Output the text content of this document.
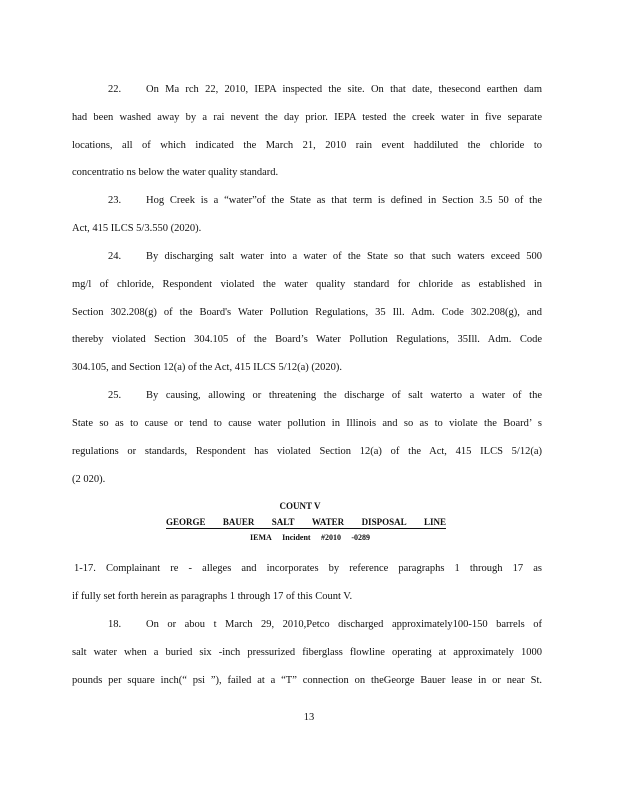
22. On Ma rch 22, 2010, IEPA inspected the site. On that date, thesecond earthen dam
had been washed away by a rai nevent the day prior. IEPA tested the creek water in five separate
locations, all of which indicated the March 21, 2010 rain event haddiluted the chloride to
concentratio ns below the water quality standard.
23. Hog Creek is a “water”of the State as that term is defined in Section 3.5 50 of the
Act, 415 ILCS 5/3.550 (2020).
24. By discharging salt water into a water of the State so that such waters exceed 500
mg/l of chloride, Respondent violated the water quality standard for chloride as established in
Section 302.208(g) of the Board's Water Pollution Regulations, 35 Ill. Adm. Code 302.208(g), and
thereby violated Section 304.105 of the Board’s Water Pollution Regulations, 35Ill. Adm. Code
304.105, and Section 12(a) of the Act, 415 ILCS 5/12(a) (2020).
25. By causing, allowing or threatening the discharge of salt waterto a water of the
State so as to cause or tend to cause water pollution in Illinois and so as to violate the Board’ s
regulations or standards, Respondent has violated Section 12(a) of the Act, 415 ILCS 5/12(a)
(2 020).
COUNT V
GEORGE BAUER SALT WATER DISPOSAL LINE
IEMA Incident #2010 -0289
1-17. Complainant re - alleges and incorporates by reference paragraphs 1 through 17 as
if fully set forth herein as paragraphs 1 through 17 of this Count V.
18. On or abou t March 29, 2010,Petco discharged approximately100-150 barrels of
salt water when a buried six -inch pressurized fiberglass flowline operating at approximately 1000
pounds per square inch(“ psi ”), failed at a “T” connection on theGeorge Bauer lease in or near St.
13
